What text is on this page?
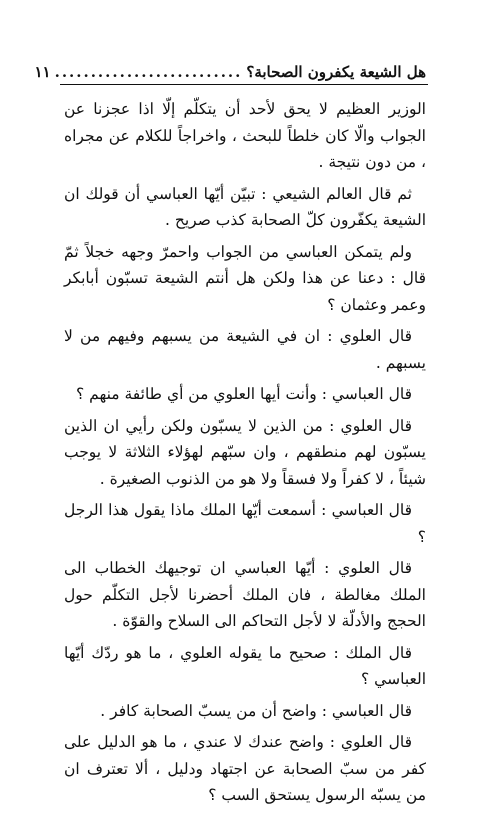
هل الشيعة يكفرون الصحابة؟
..........................
١١

الوزير العظيم لا يحق لأحد أن يتكلّم إلّا اذا عجزنا عن الجواب والّا كان خلطاً للبحث ، واخراجاً للكلام عن مجراه ، من دون نتيجة .

ثم قال العالم الشيعي : تبيّن أيّها العباسي أن قولك ان الشيعة يكفّرون كلّ الصحابة كذب صريح .

ولم يتمكن العباسي من الجواب واحمرّ وجهه خجلاً ثمّ قال : دعنا عن هذا ولكن هل أنتم الشيعة تسبّون أبابكر وعمر وعثمان ؟

قال العلوي : ان في الشيعة من يسبهم وفيهم من لا يسبهم .

قال العباسي : وأنت أيها العلوي من أي طائفة منهم ؟

قال العلوي : من الذين لا يسبّون ولكن رأيي ان الذين يسبّون لهم منطقهم ، وان سبّهم لهؤلاء الثلاثة لا يوجب شيئاً ، لا كفراً ولا فسقاً ولا هو من الذنوب الصغيرة .

قال العباسي : أسمعت أيّها الملك ماذا يقول هذا الرجل ؟

قال العلوي : أيّها العباسي ان توجيهك الخطاب الى الملك مغالطة ، فان الملك أحضرنا لأجل التكلّم حول الحجج والأدلّة لا لأجل التحاكم الى السلاح والقوّة .

قال الملك : صحيح ما يقوله العلوي ، ما هو ردّك أيّها العباسي ؟

قال العباسي : واضح أن من يسبّ الصحابة كافر .

قال العلوي : واضح عندك لا عندي ، ما هو الدليل على كفر من سبّ الصحابة عن اجتهاد ودليل ، ألا تعترف ان من يسبّه الرسول يستحق السب ؟
